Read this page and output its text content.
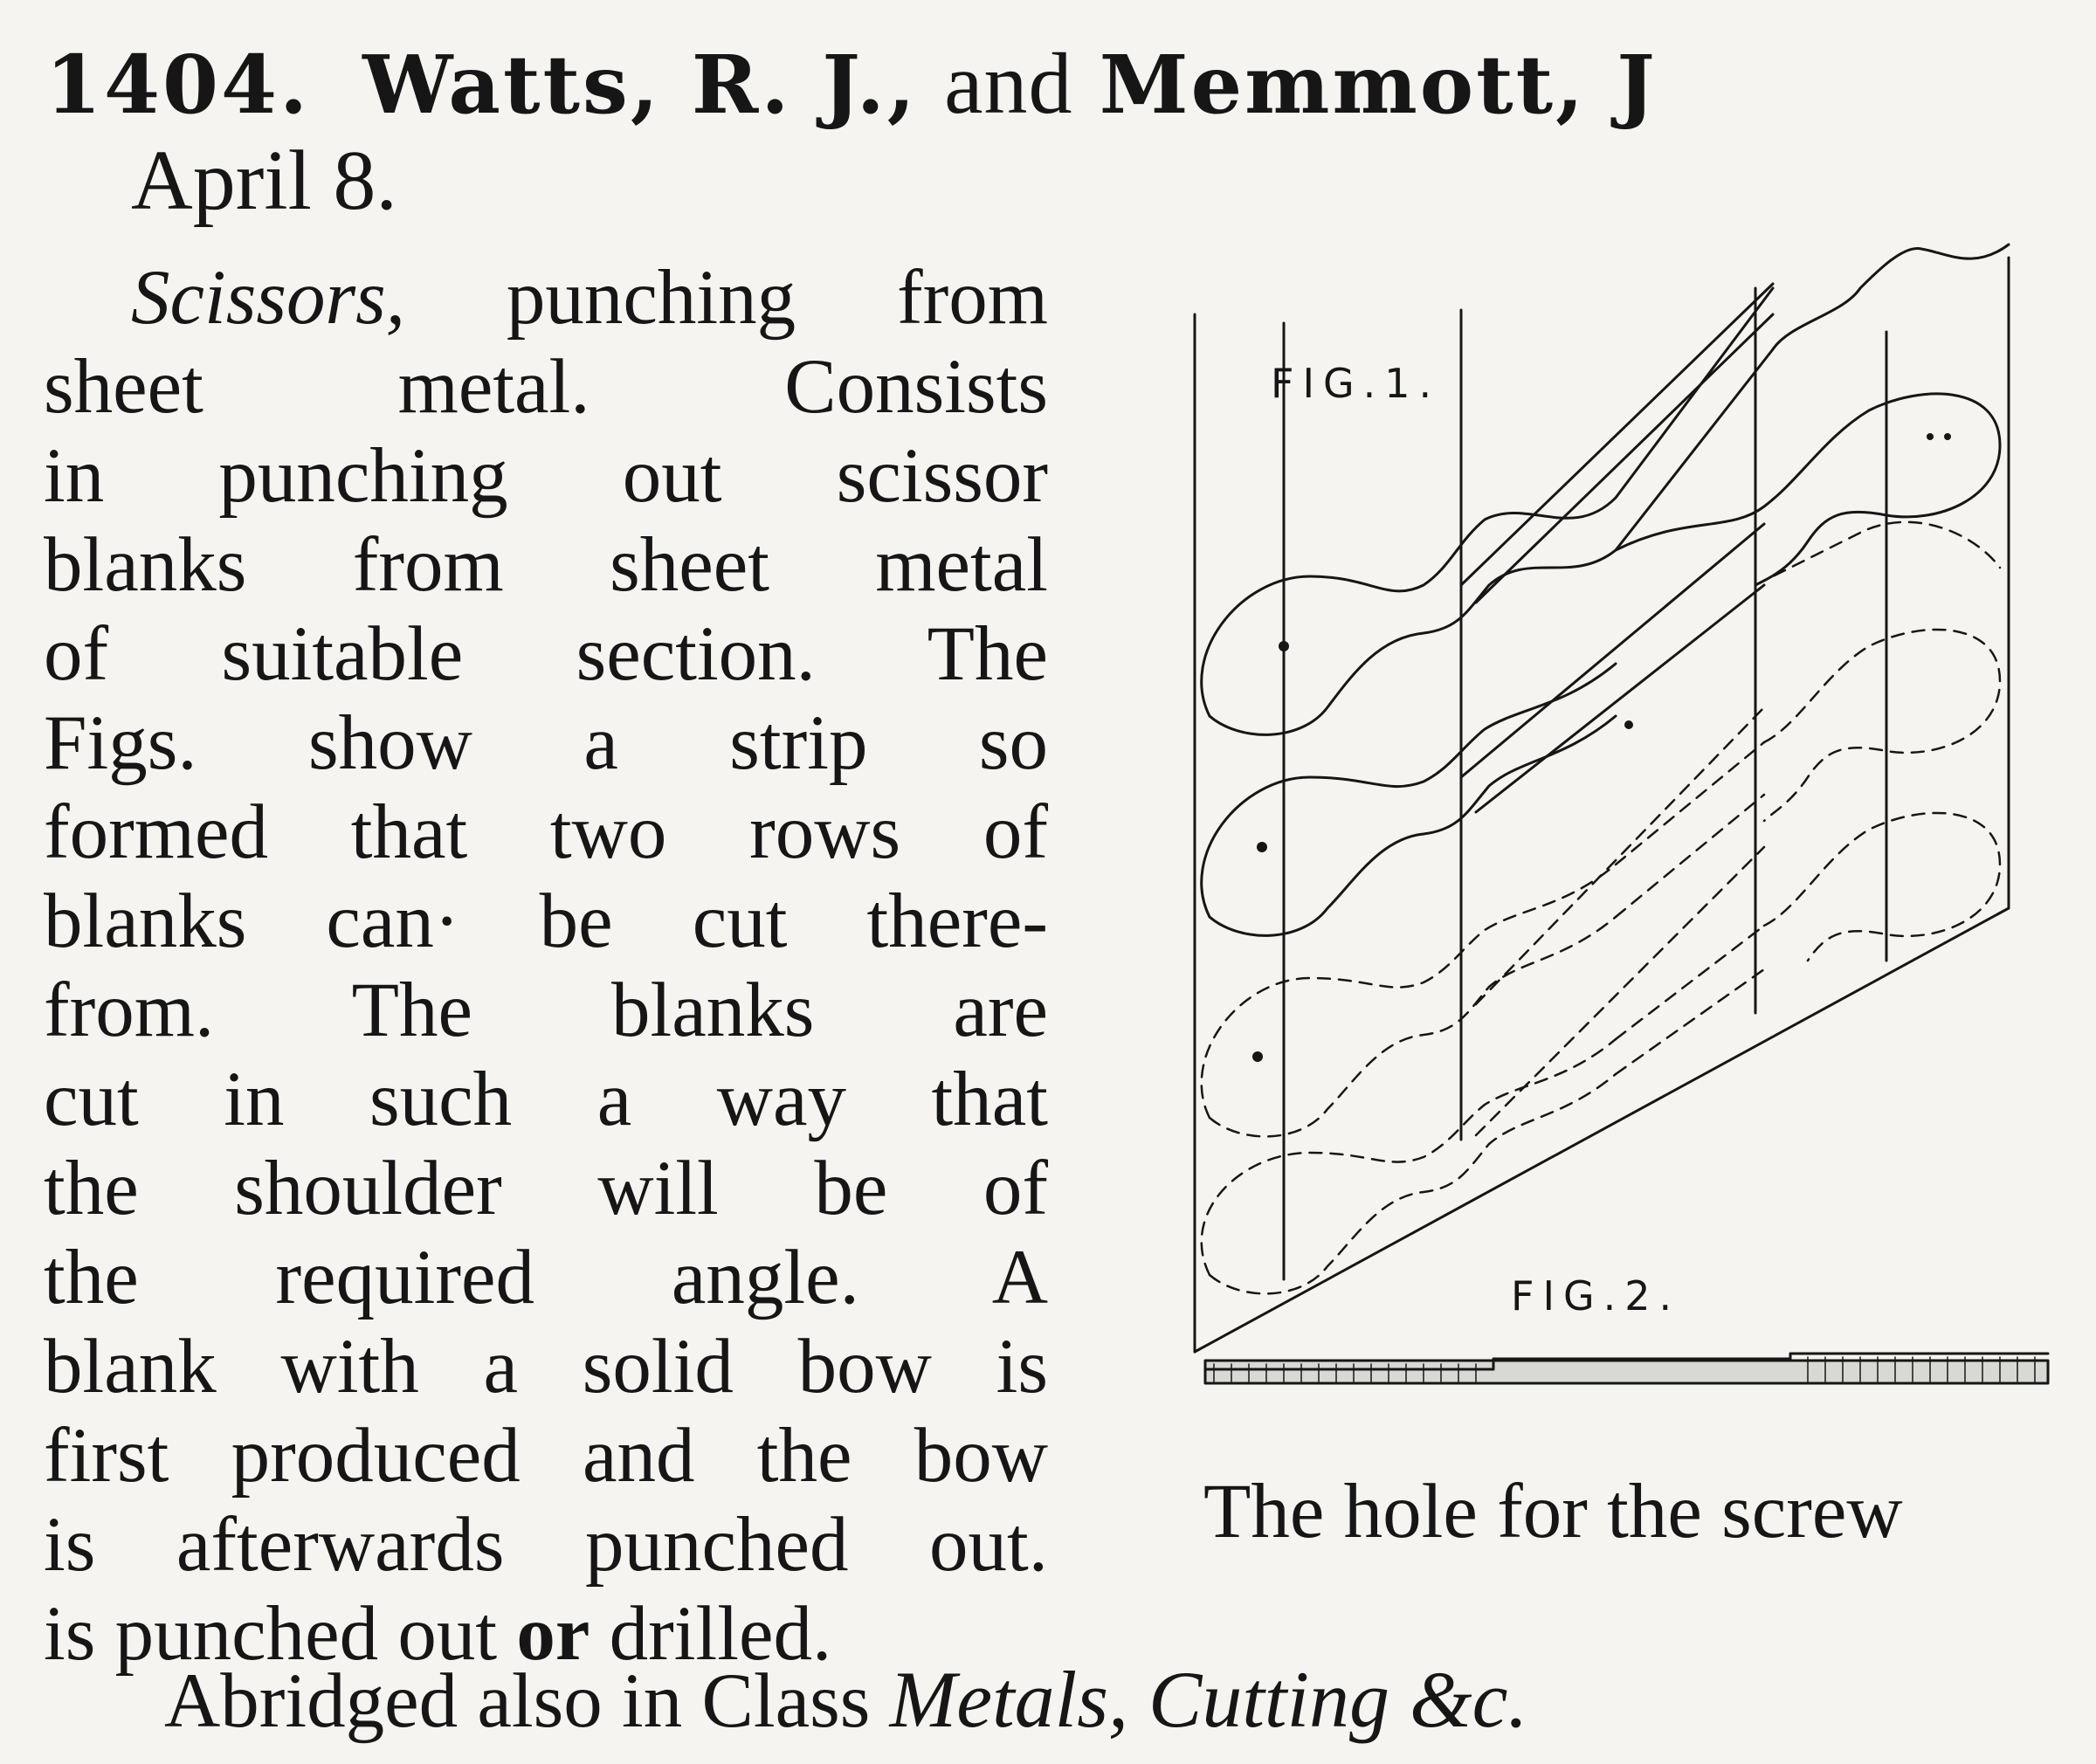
1404. Watts, R. J., and Memmott, J
April 8.
Scissors, punching from
sheet metal. Consists
in punching out scissor
blanks from sheet metal
of suitable section. The
Figs. show a strip so
formed that two rows of
blanks can· be cut there-
from. The blanks are
cut in such a way that
the shoulder will be of
the required angle. A
blank with a solid bow is
first produced and the bow
is afterwards punched out.
is punched out or drilled.
The hole for the screw
Abridged also in Class Metals, Cutting &c.
FIG.1.
FIG.2.
